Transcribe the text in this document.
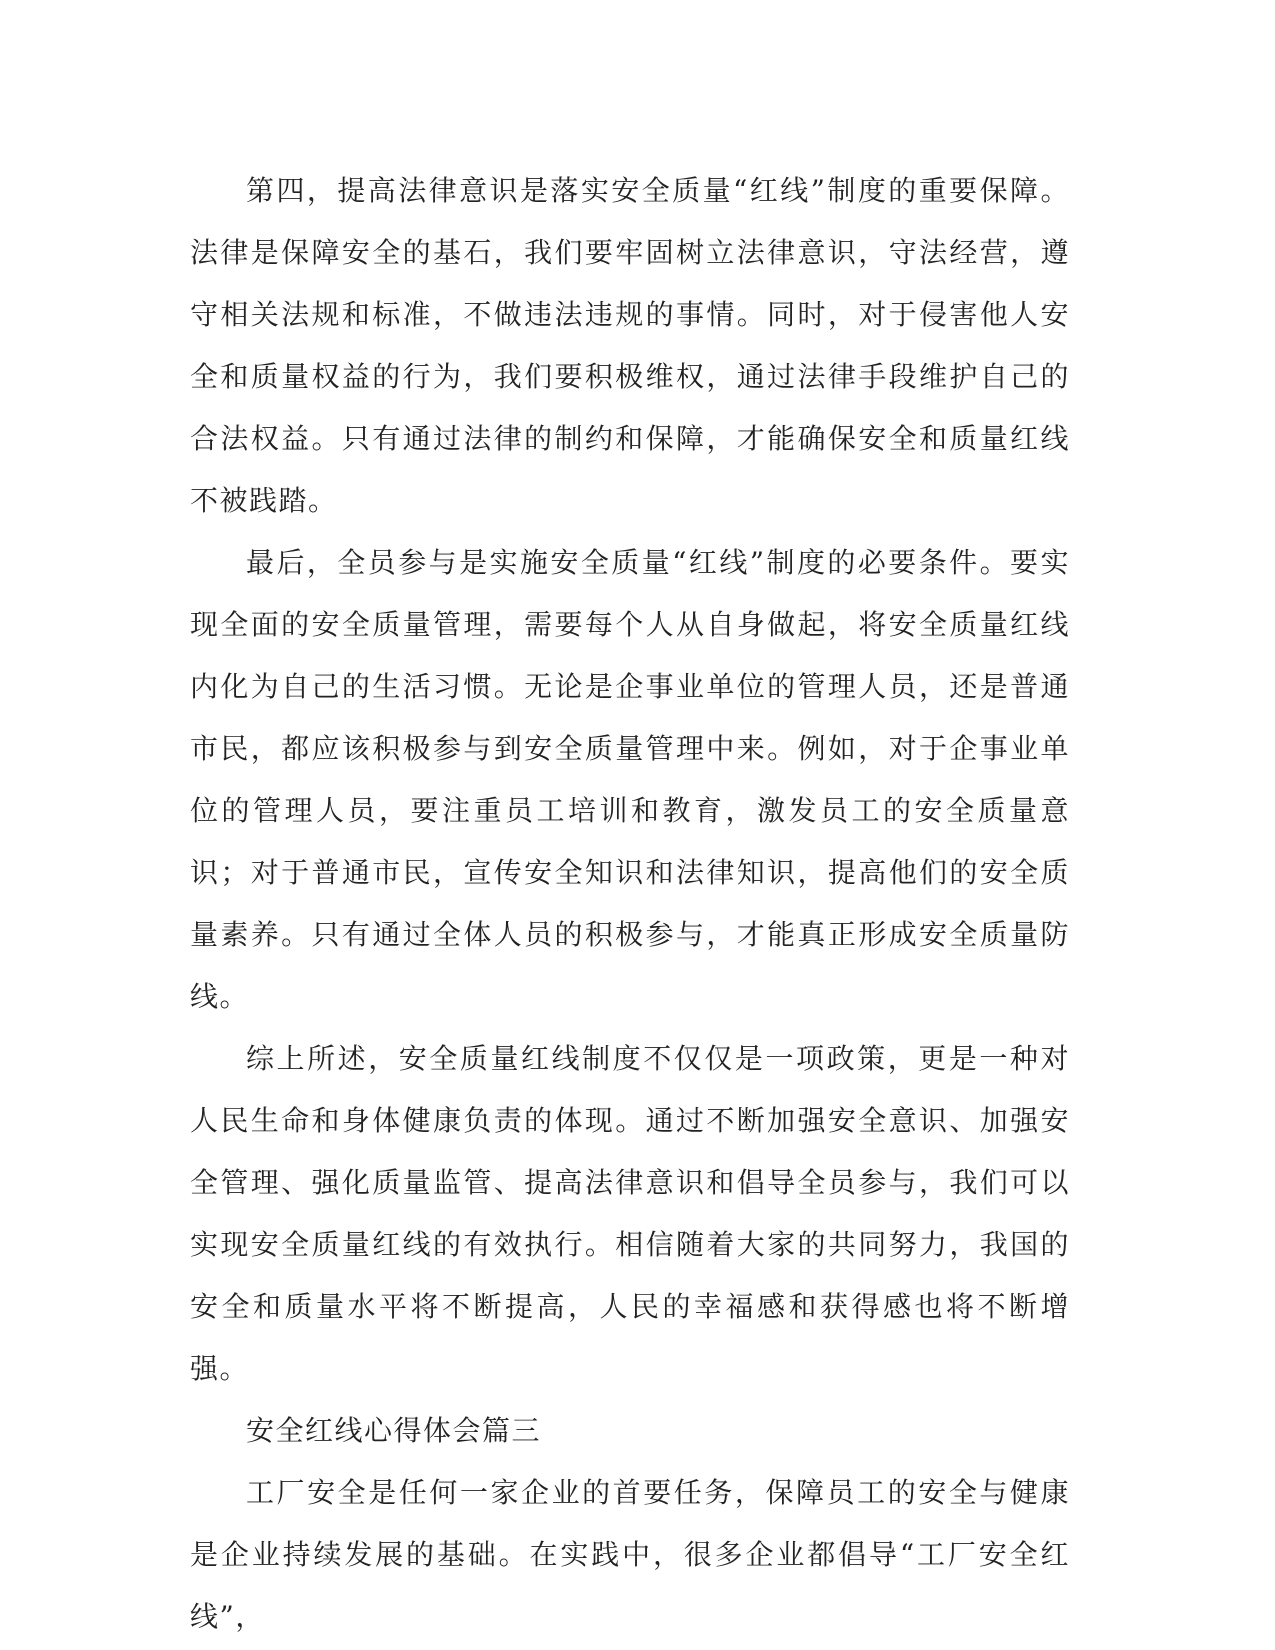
第四，提高法律意识是落实安全质量“红线”制度的重要保障。法律是保障安全的基石，我们要牢固树立法律意识，守法经营，遵守相关法规和标准，不做违法违规的事情。同时，对于侵害他人安全和质量权益的行为，我们要积极维权，通过法律手段维护自己的合法权益。只有通过法律的制约和保障，才能确保安全和质量红线不被践踏。

最后，全员参与是实施安全质量“红线”制度的必要条件。要实现全面的安全质量管理，需要每个人从自身做起，将安全质量红线内化为自己的生活习惯。无论是企事业单位的管理人员，还是普通市民，都应该积极参与到安全质量管理中来。例如，对于企事业单位的管理人员，要注重员工培训和教育，激发员工的安全质量意识；对于普通市民，宣传安全知识和法律知识，提高他们的安全质量素养。只有通过全体人员的积极参与，才能真正形成安全质量防线。

综上所述，安全质量红线制度不仅仅是一项政策，更是一种对人民生命和身体健康负责的体现。通过不断加强安全意识、加强安全管理、强化质量监管、提高法律意识和倡导全员参与，我们可以实现安全质量红线的有效执行。相信随着大家的共同努力，我国的安全和质量水平将不断提高，人民的幸福感和获得感也将不断增强。

安全红线心得体会篇三

工厂安全是任何一家企业的首要任务，保障员工的安全与健康是企业持续发展的基础。在实践中，很多企业都倡导“工厂安全红线”，
